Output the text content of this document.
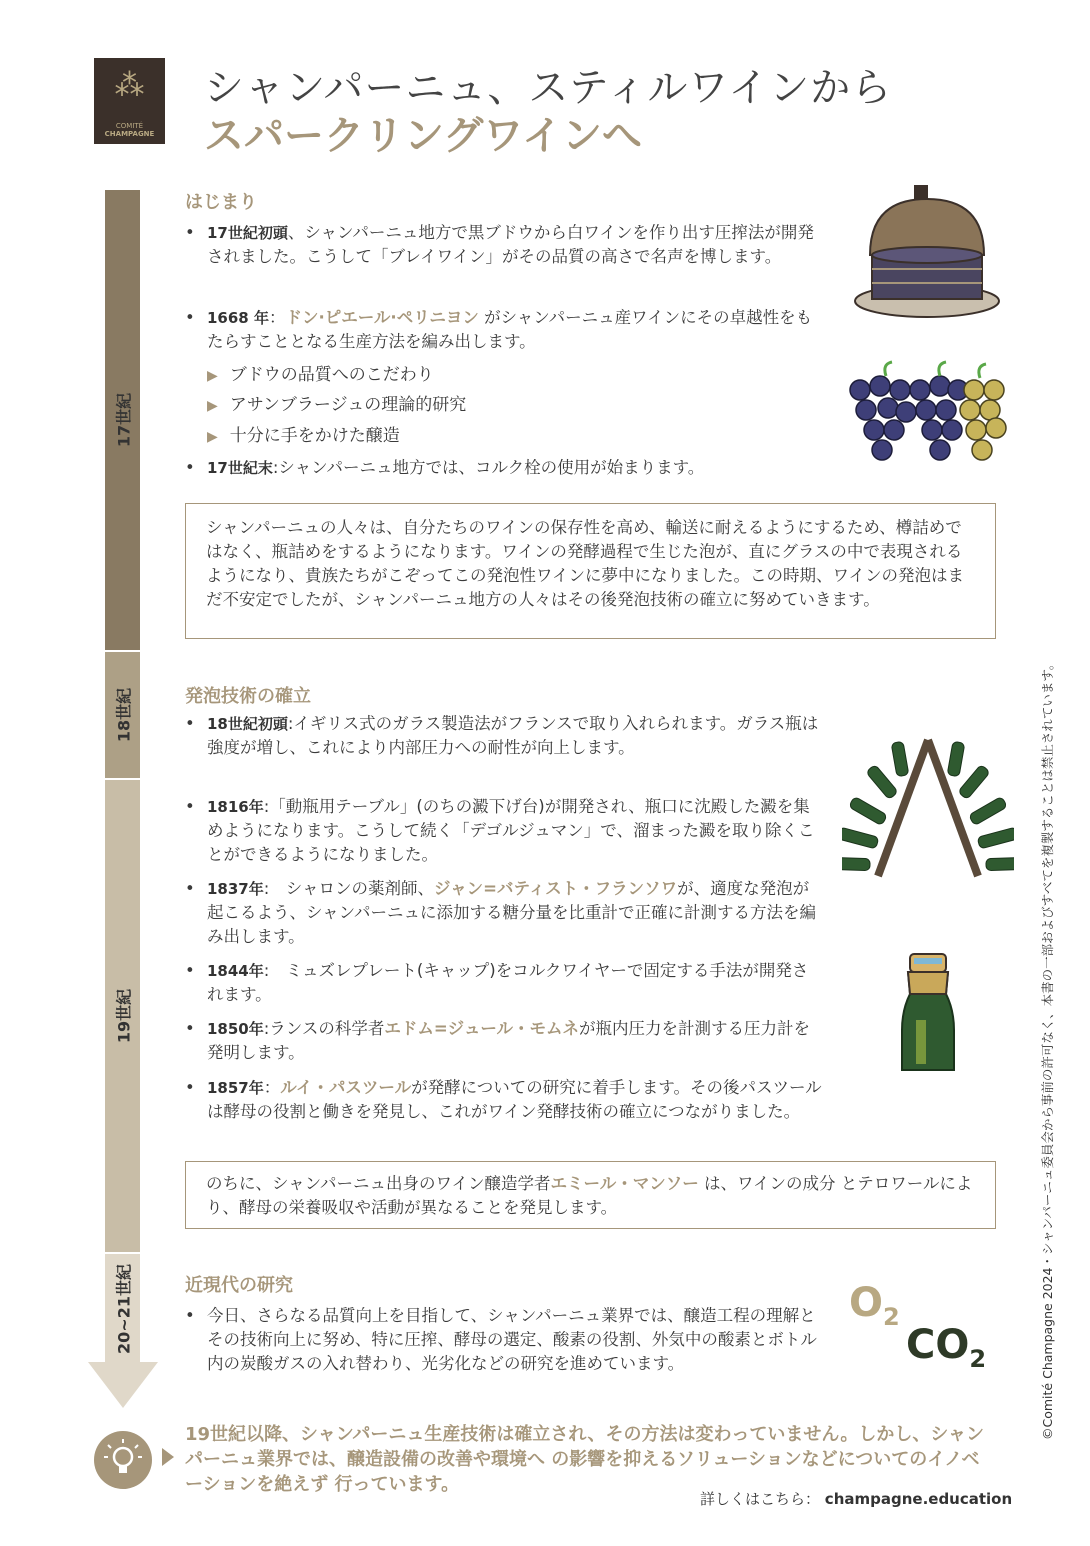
⁂
COMITÉ
CHAMPAGNE
シャンパーニュ、スティルワインから
スパークリングワインへ
17世紀
18世紀
19世紀
20~21世紀
はじまり
• 17世紀初頭、シャンパーニュ地方で黒ブドウから白ワインを作り出す圧搾法が開発されました。こうして「ブレイワイン」がその品質の高さで名声を博します。
• 1668 年：ドン·ピエール·ペリニヨン がシャンパーニュ産ワインにその卓越性をもたらすこととなる生産方法を編み出します。
▶ ブドウの品質へのこだわり
▶ アサンブラージュの理論的研究
▶ 十分に手をかけた醸造
• 17世紀末:シャンパーニュ地方では、コルク栓の使用が始まります。
シャンパーニュの人々は、自分たちのワインの保存性を高め、輸送に耐えるようにするため、樽詰めではなく、瓶詰めをするようになります。ワインの発酵過程で生じた泡が、直にグラスの中で表現されるようになり、貴族たちがこぞってこの発泡性ワインに夢中になりました。この時期、ワインの発泡はまだ不安定でしたが、シャンパーニュ地方の人々はその後発泡技術の確立に努めていきます。
発泡技術の確立
• 18世紀初頭:イギリス式のガラス製造法がフランスで取り入れられます。ガラス瓶は強度が増し、これにより内部圧力への耐性が向上します。
• 1816年:「動瓶用テーブル」(のちの澱下げ台)が開発され、瓶口に沈殿した澱を集めようになります。こうして続く「デゴルジュマン」で、溜まった澱を取り除くことができるようになりました。
• 1837年:　シャロンの薬剤師、ジャン=バティスト・フランソワが、適度な発泡が起こるよう、シャンパーニュに添加する糖分量を比重計で正確に計測する方法を編み出します。
• 1844年:　ミュズレプレート(キャップ)をコルクワイヤーで固定する手法が開発されます。
• 1850年:ランスの科学者エドム=ジュール・モムネが瓶内圧力を計測する圧力計を発明します。
• 1857年：ルイ・パスツールが発酵についての研究に着手します。その後パスツールは酵母の役割と働きを発見し、これがワイン発酵技術の確立につながりました。
のちに、シャンパーニュ出身のワイン醸造学者エミール・マンソー は、ワインの成分 とテロワールにより、酵母の栄養吸収や活動が異なることを発見します。
近現代の研究
• 今日、さらなる品質向上を目指して、シャンパーニュ業界では、醸造工程の理解とその技術向上に努め、特に圧搾、酵母の選定、酸素の役割、外気中の酸素とボトル内の炭酸ガスの入れ替わり、光劣化などの研究を進めています。
$O_2$
$CO_2$
19世紀以降、シャンパーニュ生産技術は確立され、その方法は変わっていません。しかし、シャンパーニュ業界では、醸造設備の改善や環境へ の影響を抑えるソリューションなどについてのイノベーションを絶えず 行っています。
詳しくはこちら： champagne.education
©Comité Champagne 2024・シャンパーニュ委員会から事前の許可なく、本書の一部およびすべてを複製することは禁止されています。
